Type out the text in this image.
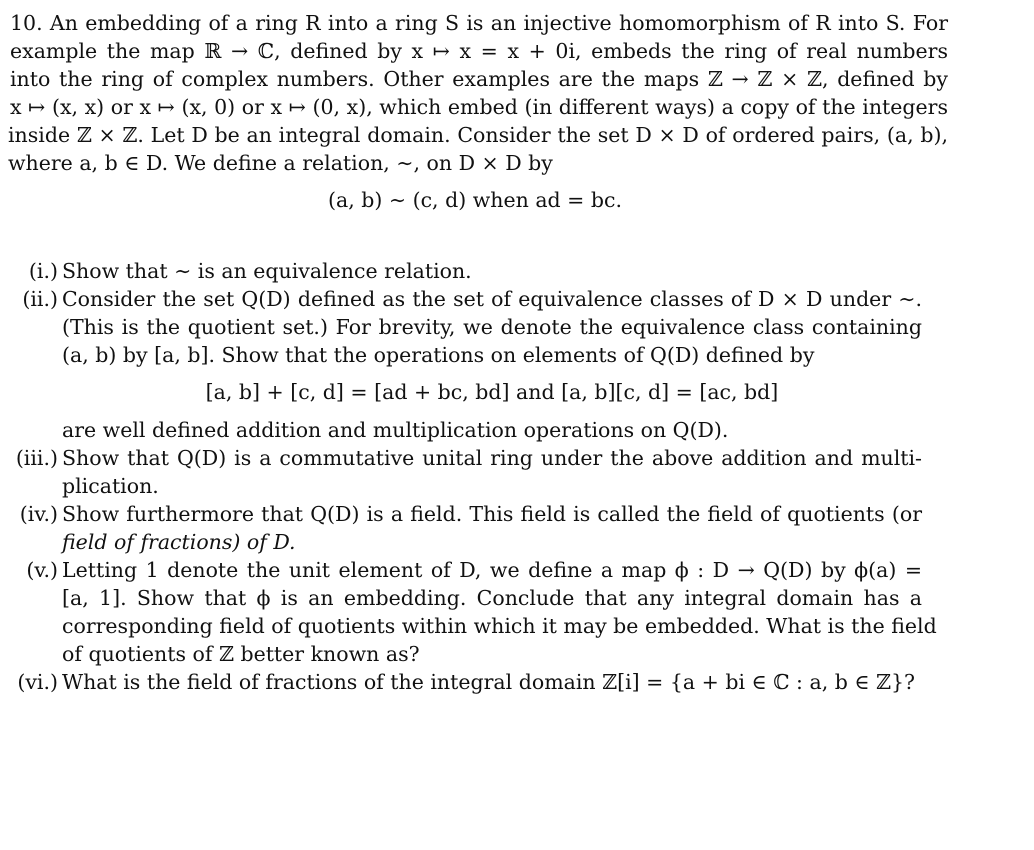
10. An embedding of a ring R into a ring S is an injective homomorphism of R into S. For
example the map ℝ → ℂ, defined by x ↦ x = x + 0i, embeds the ring of real numbers
into the ring of complex numbers. Other examples are the maps ℤ → ℤ × ℤ, defined by
x ↦ (x, x) or x ↦ (x, 0) or x ↦ (0, x), which embed (in different ways) a copy of the integers
inside ℤ × ℤ. Let D be an integral domain. Consider the set D × D of ordered pairs, (a, b),
where a, b ∈ D. We define a relation, ∼, on D × D by
(a, b) ∼ (c, d) when ad = bc.
(i.) Show that ∼ is an equivalence relation.
(ii.) Consider the set Q(D) defined as the set of equivalence classes of D × D under ∼.
(This is the quotient set.) For brevity, we denote the equivalence class containing
(a, b) by [a, b]. Show that the operations on elements of Q(D) defined by
[a, b] + [c, d] = [ad + bc, bd] and [a, b][c, d] = [ac, bd]
are well defined addition and multiplication operations on Q(D).
(iii.) Show that Q(D) is a commutative unital ring under the above addition and multi-
plication.
(iv.) Show furthermore that Q(D) is a field. This field is called the field of quotients (or
field of fractions) of D.
(v.) Letting 1 denote the unit element of D, we define a map ϕ : D → Q(D) by ϕ(a) =
[a, 1]. Show that ϕ is an embedding. Conclude that any integral domain has a
corresponding field of quotients within which it may be embedded. What is the field
of quotients of ℤ better known as?
(vi.) What is the field of fractions of the integral domain ℤ[i] = {a + bi ∈ ℂ : a, b ∈ ℤ}?
